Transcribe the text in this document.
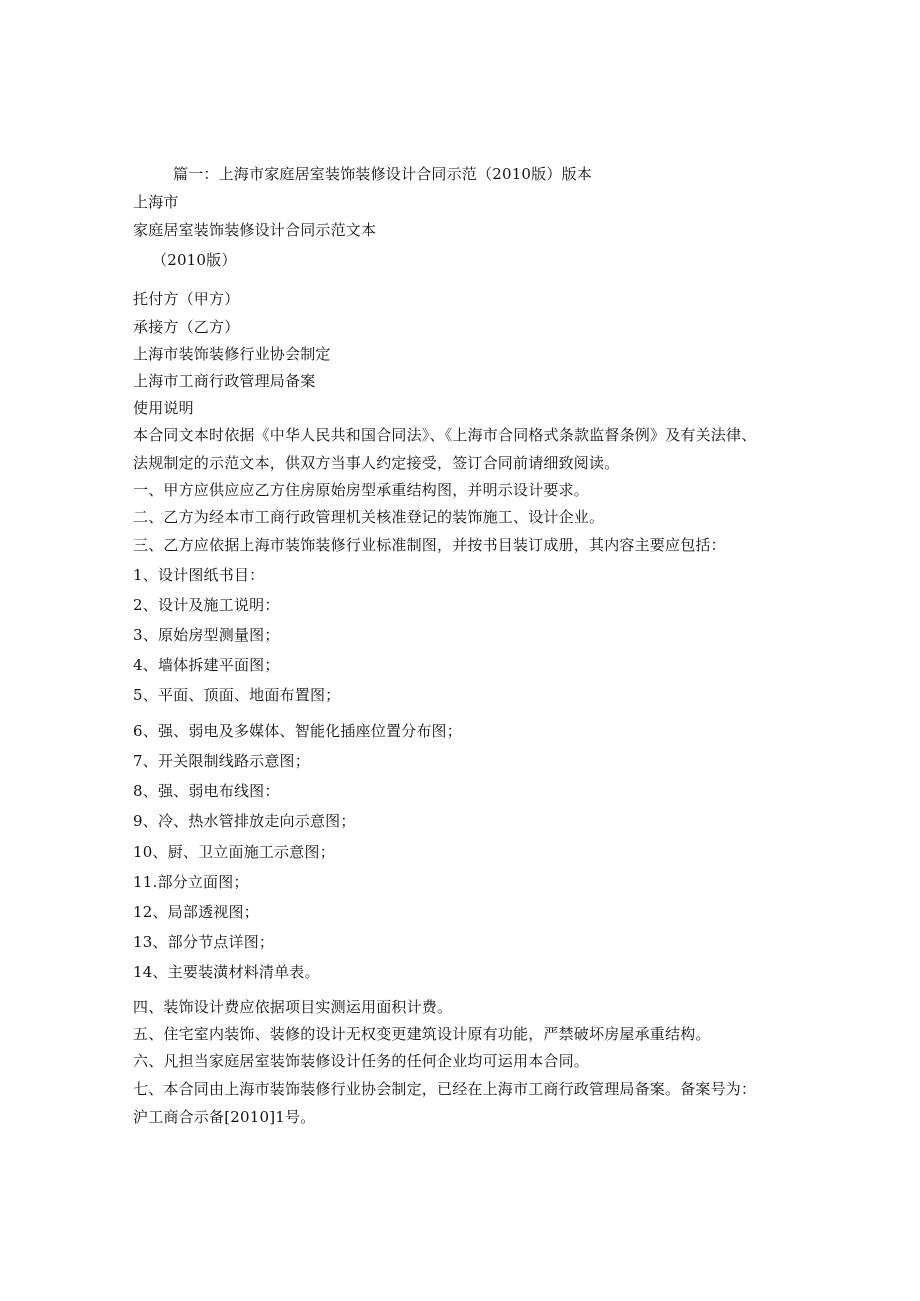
篇一：上海市家庭居室装饰装修设计合同示范（2010版）版本
上海市
家庭居室装饰装修设计合同示范文本
（2010版）
托付方（甲方）
承接方（乙方）
上海市装饰装修行业协会制定
上海市工商行政管理局备案
使用说明
本合同文本时依据《中华人民共和国合同法》、《上海市合同格式条款监督条例》及有关法律、
法规制定的示范文本，供双方当事人约定接受，签订合同前请细致阅读。
一、甲方应供应应乙方住房原始房型承重结构图，并明示设计要求。
二、乙方为经本市工商行政管理机关核准登记的装饰施工、设计企业。
三、乙方应依据上海市装饰装修行业标准制图，并按书目装订成册，其内容主要应包括：
1、设计图纸书目：
2、设计及施工说明：
3、原始房型测量图；
4、墙体拆建平面图；
5、平面、顶面、地面布置图；
6、强、弱电及多媒体、智能化插座位置分布图；
7、开关限制线路示意图；
8、强、弱电布线图：
9、冷、热水管排放走向示意图；
10、厨、卫立面施工示意图；
11.部分立面图；
12、局部透视图；
13、部分节点详图；
14、主要装潢材料清单表。
四、装饰设计费应依据项目实测运用面积计费。
五、住宅室内装饰、装修的设计无权变更建筑设计原有功能，严禁破坏房屋承重结构。
六、凡担当家庭居室装饰装修设计任务的任何企业均可运用本合同。
七、本合同由上海市装饰装修行业协会制定，已经在上海市工商行政管理局备案。备案号为：
沪工商合示备[2010]1号。
